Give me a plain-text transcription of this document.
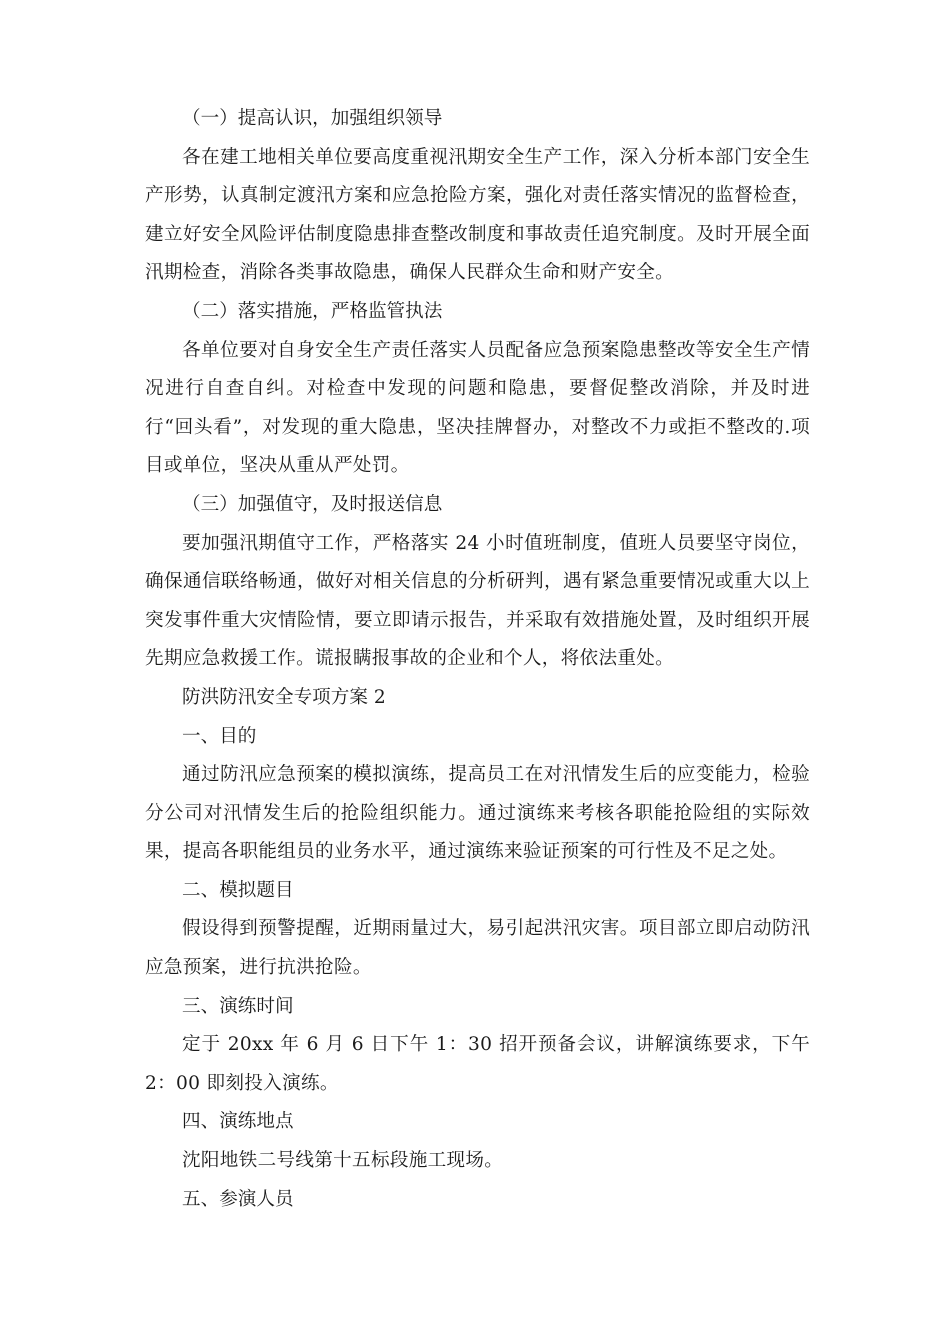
（一）提高认识，加强组织领导

各在建工地相关单位要高度重视汛期安全生产工作，深入分析本部门安全生产形势，认真制定渡汛方案和应急抢险方案，强化对责任落实情况的监督检查，建立好安全风险评估制度隐患排查整改制度和事故责任追究制度。及时开展全面汛期检查，消除各类事故隐患，确保人民群众生命和财产安全。

（二）落实措施，严格监管执法

各单位要对自身安全生产责任落实人员配备应急预案隐患整改等安全生产情况进行自查自纠。对检查中发现的问题和隐患，要督促整改消除，并及时进行“回头看”，对发现的重大隐患，坚决挂牌督办，对整改不力或拒不整改的.项目或单位，坚决从重从严处罚。

（三）加强值守，及时报送信息

要加强汛期值守工作，严格落实 24 小时值班制度，值班人员要坚守岗位，确保通信联络畅通，做好对相关信息的分析研判，遇有紧急重要情况或重大以上突发事件重大灾情险情，要立即请示报告，并采取有效措施处置，及时组织开展先期应急救援工作。谎报瞒报事故的企业和个人，将依法重处。

防洪防汛安全专项方案 2

一、目的

通过防汛应急预案的模拟演练，提高员工在对汛情发生后的应变能力，检验分公司对汛情发生后的抢险组织能力。通过演练来考核各职能抢险组的实际效果，提高各职能组员的业务水平，通过演练来验证预案的可行性及不足之处。

二、模拟题目

假设得到预警提醒，近期雨量过大，易引起洪汛灾害。项目部立即启动防汛应急预案，进行抗洪抢险。

三、演练时间

定于 20xx 年 6 月 6 日下午 1：30 招开预备会议，讲解演练要求，下午 2：00 即刻投入演练。

四、演练地点

沈阳地铁二号线第十五标段施工现场。

五、参演人员
